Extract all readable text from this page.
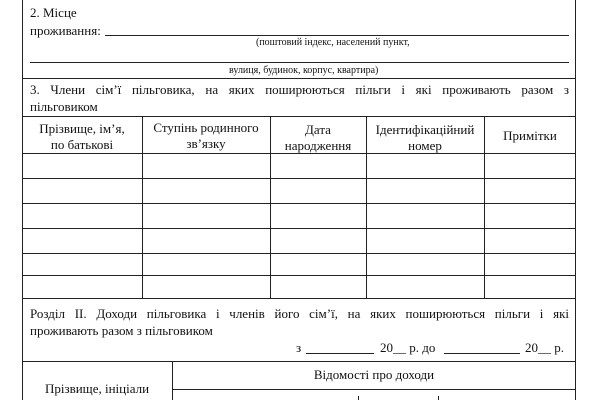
2. Місце
проживання:
(поштовий індекс, населений пункт,
вулиця, будинок, корпус, квартира)
3. Члени сім’ї пільговика, на яких поширюються пільги і які проживають разом з
пільговиком
Прізвище, ім’я,
по батькові
Ступінь родинного
зв’язку
Дата
народження
Ідентифікаційний
номер
Примітки
Розділ II. Доходи пільговика і членів його сім’ї, на яких поширюються пільги і які
проживають разом з пільговиком
з	20__ р. до	20__ р.
Прізвище, ініціали
Відомості про доходи
